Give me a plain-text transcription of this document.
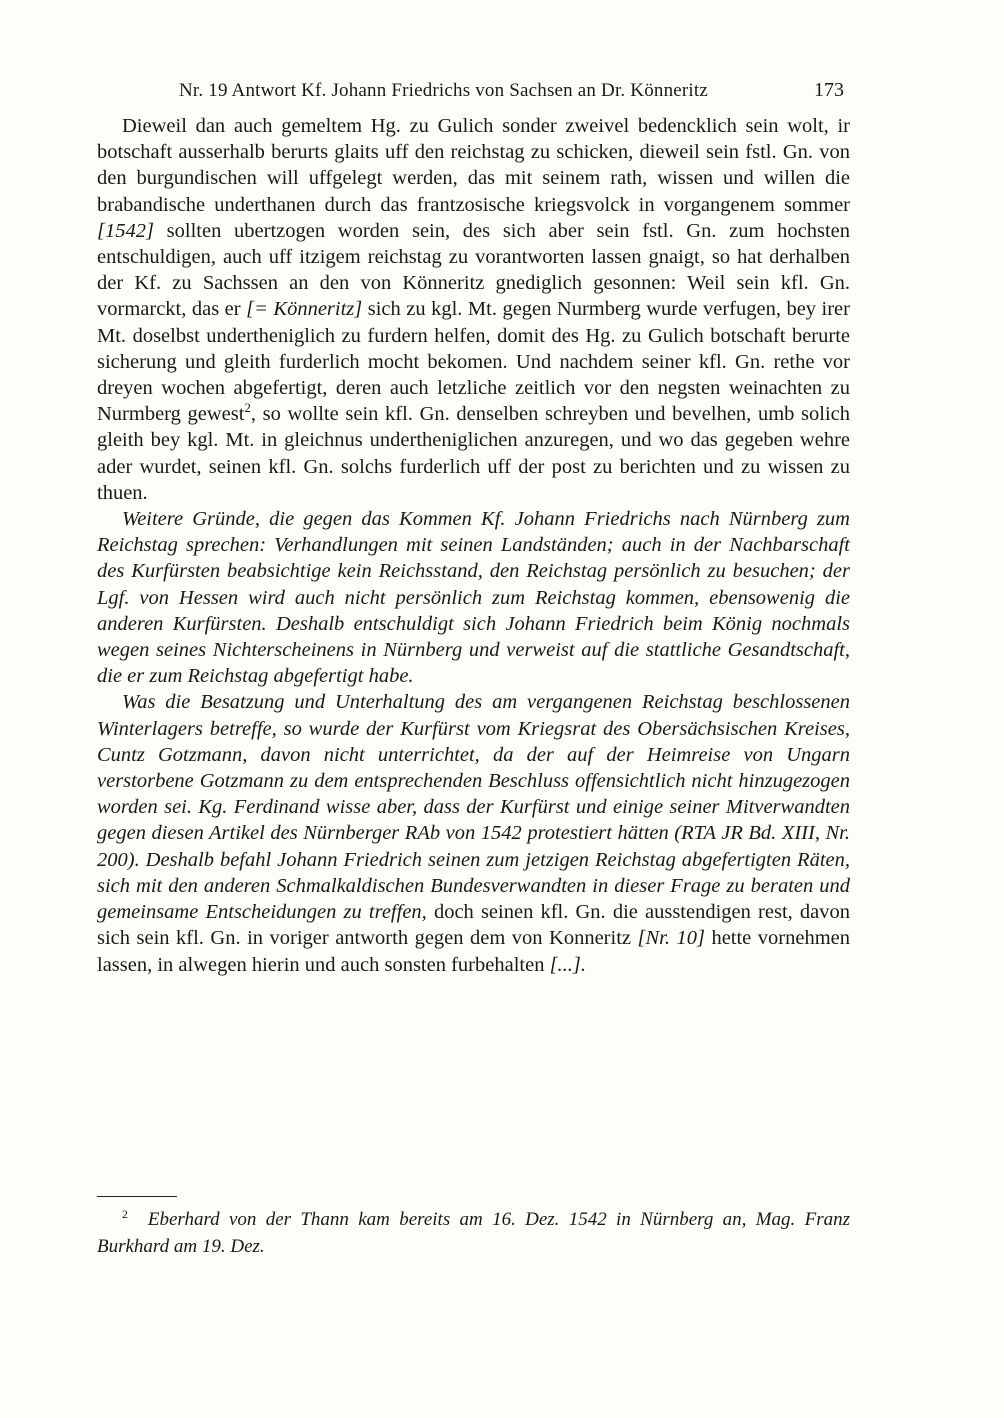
Nr. 19 Antwort Kf. Johann Friedrichs von Sachsen an Dr. Könneritz	173

Dieweil dan auch gemeltem Hg. zu Gulich sonder zweivel bedencklich sein wolt, ir botschaft ausserhalb berurts glaits uff den reichstag zu schicken, dieweil sein fstl. Gn. von den burgundischen will uffgelegt werden, das mit seinem rath, wissen und willen die brabandische underthanen durch das frantzosische kriegsvolck in vorgangenem sommer [1542] sollten ubertzogen worden sein, des sich aber sein fstl. Gn. zum hochsten entschuldigen, auch uff itzigem reichstag zu vorantworten lassen gnaigt, so hat derhalben der Kf. zu Sachssen an den von Könneritz gnediglich gesonnen: Weil sein kfl. Gn. vormarckt, das er [= Könneritz] sich zu kgl. Mt. gegen Nurmberg wurde verfugen, bey irer Mt. doselbst undertheniglich zu furdern helfen, domit des Hg. zu Gulich botschaft berurte sicherung und gleith furderlich mocht bekomen. Und nachdem seiner kfl. Gn. rethe vor dreyen wochen abgefertigt, deren auch letzliche zeitlich vor den negsten weinachten zu Nurmberg gewest$^2$, so wollte sein kfl. Gn. denselben schreyben und bevelhen, umb solich gleith bey kgl. Mt. in gleichnus undertheniglichen anzuregen, und wo das gegeben wehre ader wurdet, seinen kfl. Gn. solchs furderlich uff der post zu berichten und zu wissen zu thuen.

Weitere Gründe, die gegen das Kommen Kf. Johann Friedrichs nach Nürnberg zum Reichstag sprechen: Verhandlungen mit seinen Landständen; auch in der Nachbarschaft des Kurfürsten beabsichtige kein Reichsstand, den Reichstag persönlich zu besuchen; der Lgf. von Hessen wird auch nicht persönlich zum Reichstag kommen, ebensowenig die anderen Kurfürsten. Deshalb entschuldigt sich Johann Friedrich beim König nochmals wegen seines Nichterscheinens in Nürnberg und verweist auf die stattliche Gesandtschaft, die er zum Reichstag abgefertigt habe.

Was die Besatzung und Unterhaltung des am vergangenen Reichstag beschlossenen Winterlagers betreffe, so wurde der Kurfürst vom Kriegsrat des Obersächsischen Kreises, Cuntz Gotzmann, davon nicht unterrichtet, da der auf der Heimreise von Ungarn verstorbene Gotzmann zu dem entsprechenden Beschluss offensichtlich nicht hinzugezogen worden sei. Kg. Ferdinand wisse aber, dass der Kurfürst und einige seiner Mitverwandten gegen diesen Artikel des Nürnberger RAb von 1542 protestiert hätten (RTA JR Bd. XIII, Nr. 200). Deshalb befahl Johann Friedrich seinen zum jetzigen Reichstag abgefertigten Räten, sich mit den anderen Schmalkaldischen Bundesverwandten in dieser Frage zu beraten und gemeinsame Entscheidungen zu treffen, doch seinen kfl. Gn. die ausstendigen rest, davon sich sein kfl. Gn. in voriger antworth gegen dem von Konneritz [Nr. 10] hette vornehmen lassen, in alwegen hierin und auch sonsten furbehalten [...].

$^2$ Eberhard von der Thann kam bereits am 16. Dez. 1542 in Nürnberg an, Mag. Franz Burkhard am 19. Dez.
